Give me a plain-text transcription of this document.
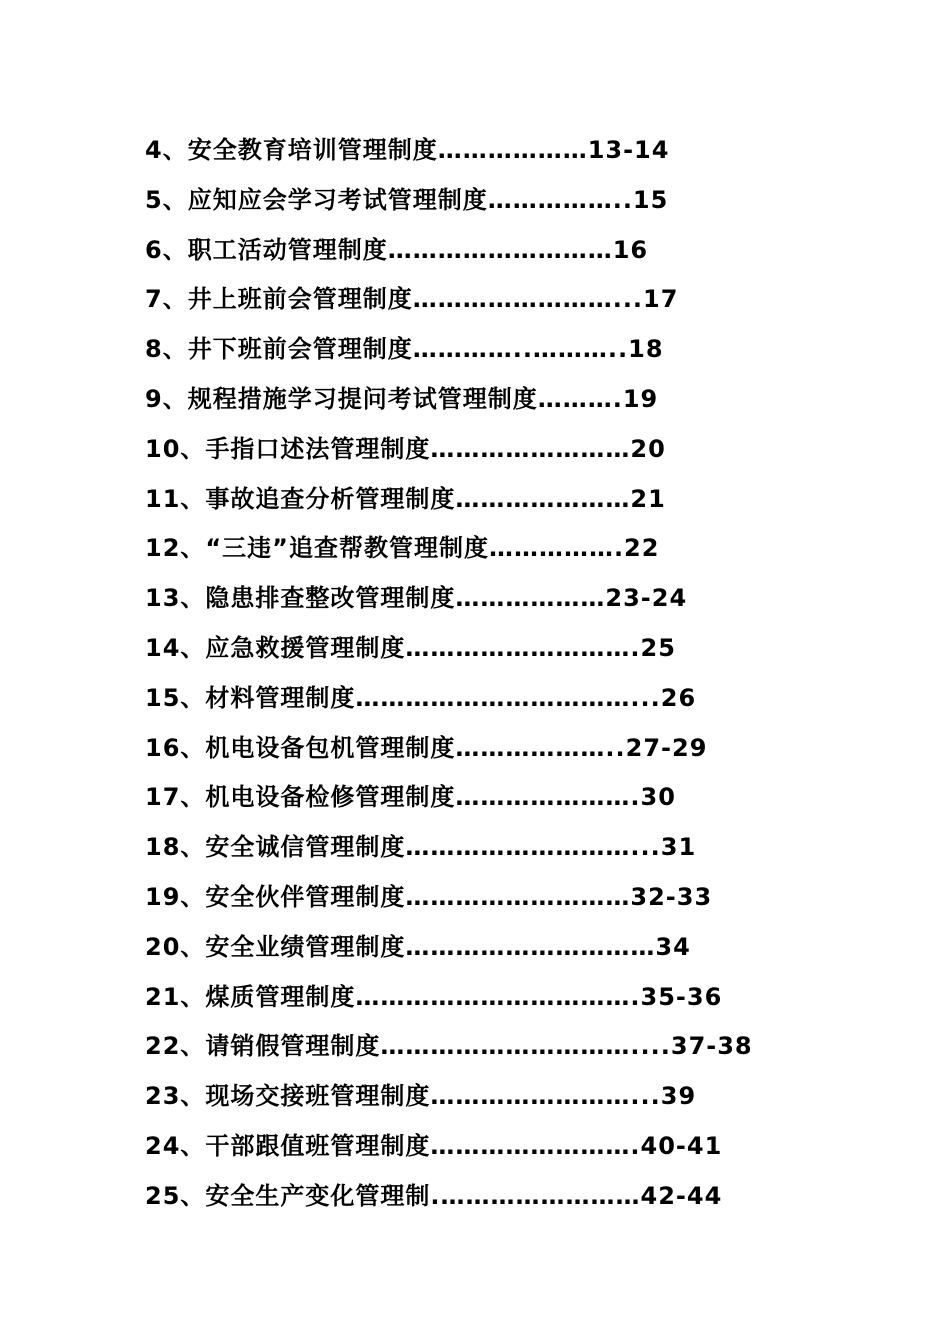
4、安全教育培训管理制度………………13-14
5、应知应会学习考试管理制度……………..15
6、职工活动管理制度………………………16
7、井上班前会管理制度……………………...17
8、井下班前会管理制度…………..………..18
9、规程措施学习提问考试管理制度……….19
10、手指口述法管理制度……………………20
11、事故追查分析管理制度…………………21
12、“三违”追查帮教管理制度…………….22
13、隐患排查整改管理制度………………23-24
14、应急救援管理制度……………………….25
15、材料管理制度……………………………...26
16、机电设备包机管理制度………………..27-29
17、机电设备检修管理制度………………….30
18、安全诚信管理制度………………………...31
19、安全伙伴管理制度………………………32-33
20、安全业绩管理制度…………………………34
21、煤质管理制度…………………………….35-36
22、请销假管理制度…………………………....37-38
23、现场交接班管理制度……………………...39
24、干部跟值班管理制度…………………….40-41
25、安全生产变化管理制.……………………42-44
